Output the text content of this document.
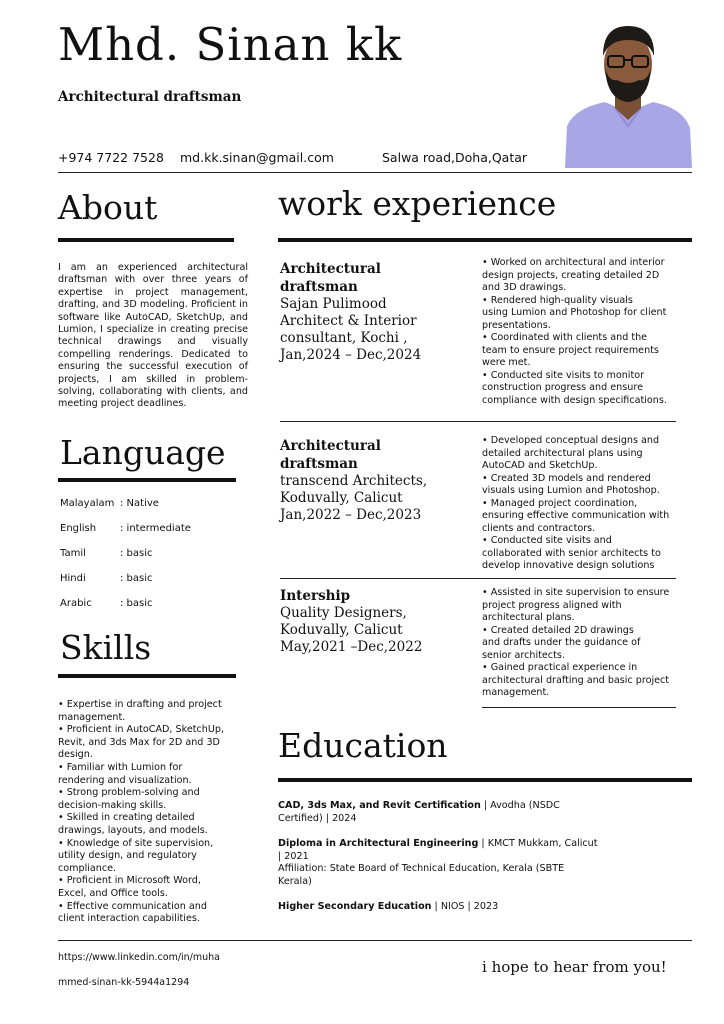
Mhd. Sinan kk
Architectural draftsman
+974 7722 7528 md.kk.sinan@gmail.com	Salwa road,Doha,Qatar
About
I am an experienced architectural draftsman with over three years of expertise in project management, drafting, and 3D modeling. Proficient in software like AutoCAD, SketchUp, and Lumion, I specialize in creating precise technical drawings and visually compelling renderings. Dedicated to ensuring the successful execution of projects, I am skilled in problem-solving, collaborating with clients, and meeting project deadlines.
Language
Malayalam : Native
English : intermediate
Tamil	: basic
Hindi	: basic
Arabic	: basic
Skills
• Expertise in drafting and project
management.
• Proficient in AutoCAD, SketchUp,
Revit, and 3ds Max for 2D and 3D
design.
• Familiar with Lumion for
rendering and visualization.
• Strong problem-solving and
decision-making skills.
• Skilled in creating detailed
drawings, layouts, and models.
• Knowledge of site supervision,
utility design, and regulatory
compliance.
• Proficient in Microsoft Word,
Excel, and Office tools.
• Effective communication and
client interaction capabilities.
work experience
Architectural
draftsman
Sajan Pulimood
Architect & Interior
consultant, Kochi ,
Jan,2024 – Dec,2024
• Worked on architectural and interior
design projects, creating detailed 2D
and 3D drawings.
• Rendered high-quality visuals
using Lumion and Photoshop for client
presentations.
• Coordinated with clients and the
team to ensure project requirements
were met.
• Conducted site visits to monitor
construction progress and ensure
compliance with design specifications.
Architectural
draftsman
transcend Architects,
Koduvally, Calicut
Jan,2022 – Dec,2023
• Developed conceptual designs and
detailed architectural plans using
AutoCAD and SketchUp.
• Created 3D models and rendered
visuals using Lumion and Photoshop.
• Managed project coordination,
ensuring effective communication with
clients and contractors.
• Conducted site visits and
collaborated with senior architects to
develop innovative design solutions
Intership
Quality Designers,
Koduvally, Calicut
May,2021 –Dec,2022
• Assisted in site supervision to ensure
project progress aligned with
architectural plans.
• Created detailed 2D drawings
and drafts under the guidance of
senior architects.
• Gained practical experience in
architectural drafting and basic project
management.
Education
CAD, 3ds Max, and Revit Certification | Avodha (NSDC Certified) | 2024
Diploma in Architectural Engineering | KMCT Mukkam, Calicut | 2021
Affiliation: State Board of Technical Education, Kerala (SBTE Kerala)
Higher Secondary Education | NIOS | 2023
https://www.linkedin.com/in/muha
mmed-sinan-kk-5944a1294
i hope to hear from you!
